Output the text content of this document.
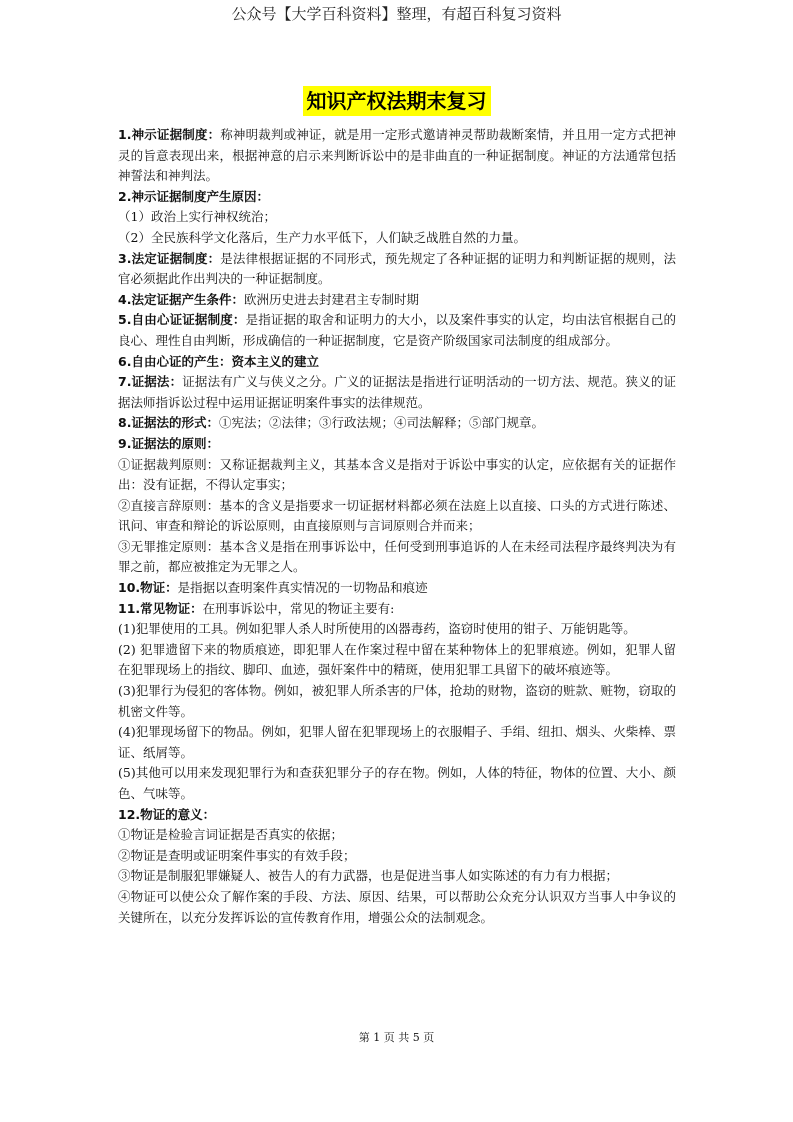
公众号【大学百科资料】整理，有超百科复习资料
知识产权法期末复习

1.神示证据制度：称神明裁判或神证，就是用一定形式邀请神灵帮助裁断案情，并且用一定方式把神灵的旨意表现出来，根据神意的启示来判断诉讼中的是非曲直的一种证据制度。神证的方法通常包括神誓法和神判法。

2.神示证据制度产生原因：

（1）政治上实行神权统治；

（2）全民族科学文化落后，生产力水平低下，人们缺乏战胜自然的力量。

3.法定证据制度：是法律根据证据的不同形式，预先规定了各种证据的证明力和判断证据的规则，法官必须据此作出判决的一种证据制度。

4.法定证据产生条件：欧洲历史进去封建君主专制时期

5.自由心证证据制度：是指证据的取舍和证明力的大小，以及案件事实的认定，均由法官根据自己的良心、理性自由判断，形成确信的一种证据制度，它是资产阶级国家司法制度的组成部分。

6.自由心证的产生：资本主义的建立

7.证据法：证据法有广义与侠义之分。广义的证据法是指进行证明活动的一切方法、规范。狭义的证据法师指诉讼过程中运用证据证明案件事实的法律规范。

8.证据法的形式：①宪法；②法律；③行政法规；④司法解释；⑤部门规章。

9.证据法的原则：

①证据裁判原则：又称证据裁判主义，其基本含义是指对于诉讼中事实的认定，应依据有关的证据作出：没有证据，不得认定事实；

②直接言辞原则：基本的含义是指要求一切证据材料都必须在法庭上以直接、口头的方式进行陈述、讯问、审查和辩论的诉讼原则，由直接原则与言词原则合并而来；

③无罪推定原则：基本含义是指在刑事诉讼中，任何受到刑事追诉的人在未经司法程序最终判决为有罪之前，都应被推定为无罪之人。

10.物证：是指据以查明案件真实情况的一切物品和痕迹

11.常见物证：在刑事诉讼中，常见的物证主要有:

(1)犯罪使用的工具。例如犯罪人杀人时所使用的凶器毒药，盗窃时使用的钳子、万能钥匙等。

(2) 犯罪遗留下来的物质痕迹，即犯罪人在作案过程中留在某种物体上的犯罪痕迹。例如，犯罪人留在犯罪现场上的指纹、脚印、血迹，强奸案件中的精斑，使用犯罪工具留下的破坏痕迹等。

(3)犯罪行为侵犯的客体物。例如，被犯罪人所杀害的尸体，抢劫的财物，盗窃的赃款、赃物，窃取的机密文件等。

(4)犯罪现场留下的物品。例如，犯罪人留在犯罪现场上的衣服帽子、手绢、纽扣、烟头、火柴棒、票证、纸屑等。

(5)其他可以用来发现犯罪行为和查获犯罪分子的存在物。例如，人体的特征，物体的位置、大小、颜色、气味等。

12.物证的意义：

①物证是检验言词证据是否真实的依据；

②物证是查明或证明案件事实的有效手段；

③物证是制服犯罪嫌疑人、被告人的有力武器，也是促进当事人如实陈述的有力有力根据；

④物证可以使公众了解作案的手段、方法、原因、结果，可以帮助公众充分认识双方当事人中争议的关键所在，以充分发挥诉讼的宣传教育作用，增强公众的法制观念。

第 1 页 共 5 页
